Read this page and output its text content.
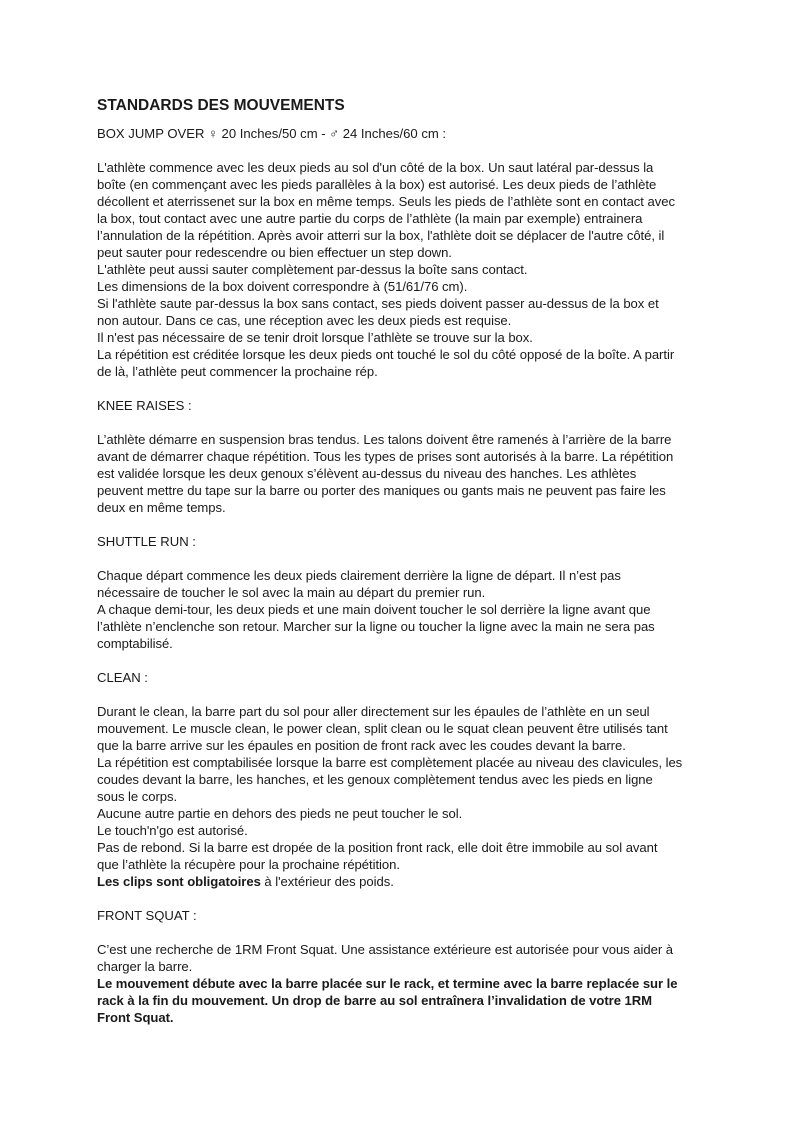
STANDARDS DES MOUVEMENTS
BOX JUMP OVER ♀ 20 Inches/50 cm - ♂ 24 Inches/60 cm :
L'athlète commence avec les deux pieds au sol d'un côté de la box. Un saut latéral par-dessus la
boîte (en commençant avec les pieds parallèles à la box) est autorisé. Les deux pieds de l’athlète
décollent et aterrissenet sur la box en même temps. Seuls les pieds de l’athlète sont en contact avec
la box, tout contact avec une autre partie du corps de l’athlète (la main par exemple) entrainera
l’annulation de la répétition. Après avoir atterri sur la box, l'athlète doit se déplacer de l'autre côté, il
peut sauter pour redescendre ou bien effectuer un step down.
L'athlète peut aussi sauter complètement par-dessus la boîte sans contact.
Les dimensions de la box doivent correspondre à (51/61/76 cm).
Si l'athlète saute par-dessus la box sans contact, ses pieds doivent passer au-dessus de la box et
non autour. Dans ce cas, une réception avec les deux pieds est requise.
Il n'est pas nécessaire de se tenir droit lorsque l’athlète se trouve sur la box.
La répétition est créditée lorsque les deux pieds ont touché le sol du côté opposé de la boîte. A partir
de là, l’athlète peut commencer la prochaine rép.
KNEE RAISES :
L’athlète démarre en suspension bras tendus. Les talons doivent être ramenés à l’arrière de la barre
avant de démarrer chaque répétition. Tous les types de prises sont autorisés à la barre. La répétition
est validée lorsque les deux genoux s’élèvent au-dessus du niveau des hanches. Les athlètes
peuvent mettre du tape sur la barre ou porter des maniques ou gants mais ne peuvent pas faire les
deux en même temps.
SHUTTLE RUN :
Chaque départ commence les deux pieds clairement derrière la ligne de départ. Il n’est pas
nécessaire de toucher le sol avec la main au départ du premier run.
A chaque demi-tour, les deux pieds et une main doivent toucher le sol derrière la ligne avant que
l’athlète n’enclenche son retour. Marcher sur la ligne ou toucher la ligne avec la main ne sera pas
comptabilisé.
CLEAN :
Durant le clean, la barre part du sol pour aller directement sur les épaules de l’athlète en un seul
mouvement. Le muscle clean, le power clean, split clean ou le squat clean peuvent être utilisés tant
que la barre arrive sur les épaules en position de front rack avec les coudes devant la barre.
La répétition est comptabilisée lorsque la barre est complètement placée au niveau des clavicules, les
coudes devant la barre, les hanches, et les genoux complètement tendus avec les pieds en ligne
sous le corps.
Aucune autre partie en dehors des pieds ne peut toucher le sol.
Le touch'n'go est autorisé.
Pas de rebond. Si la barre est dropée de la position front rack, elle doit être immobile au sol avant
que l’athlète la récupère pour la prochaine répétition.
Les clips sont obligatoires à l'extérieur des poids.
FRONT SQUAT :
C’est une recherche de 1RM Front Squat. Une assistance extérieure est autorisée pour vous aider à
charger la barre.
Le mouvement débute avec la barre placée sur le rack, et termine avec la barre replacée sur le
rack à la fin du mouvement. Un drop de barre au sol entraînera l’invalidation de votre 1RM
Front Squat.
